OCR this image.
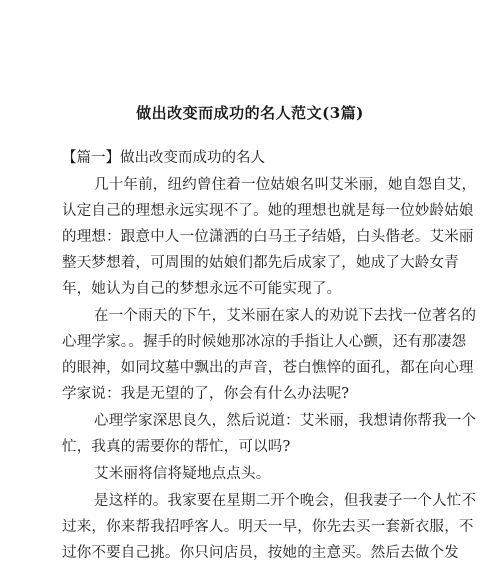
做出改变而成功的名人范文(3篇)
【篇一】做出改变而成功的名人
几十年前，纽约曾住着一位姑娘名叫艾米丽，她自怨自艾，
认定自己的理想永远实现不了。她的理想也就是每一位妙龄姑娘
的理想：跟意中人一位潇洒的白马王子结婚，白头偕老。艾米丽
整天梦想着，可周围的姑娘们都先后成家了，她成了大龄女青
年，她认为自己的梦想永远不可能实现了。
在一个雨天的下午，艾米丽在家人的劝说下去找一位著名的
心理学家。。握手的时候她那冰凉的手指让人心颤，还有那凄怨
的眼神，如同坟墓中飘出的声音，苍白憔悴的面孔，都在向心理
学家说：我是无望的了，你会有什么办法呢?
心理学家深思良久，然后说道：艾米丽，我想请你帮我一个
忙，我真的需要你的帮忙，可以吗?
艾米丽将信将疑地点点头。
是这样的。我家要在星期二开个晚会，但我妻子一个人忙不
过来，你来帮我招呼客人。明天一早，你先去买一套新衣服，不
过你不要自己挑。你只问店员，按她的主意买。然后去做个发
